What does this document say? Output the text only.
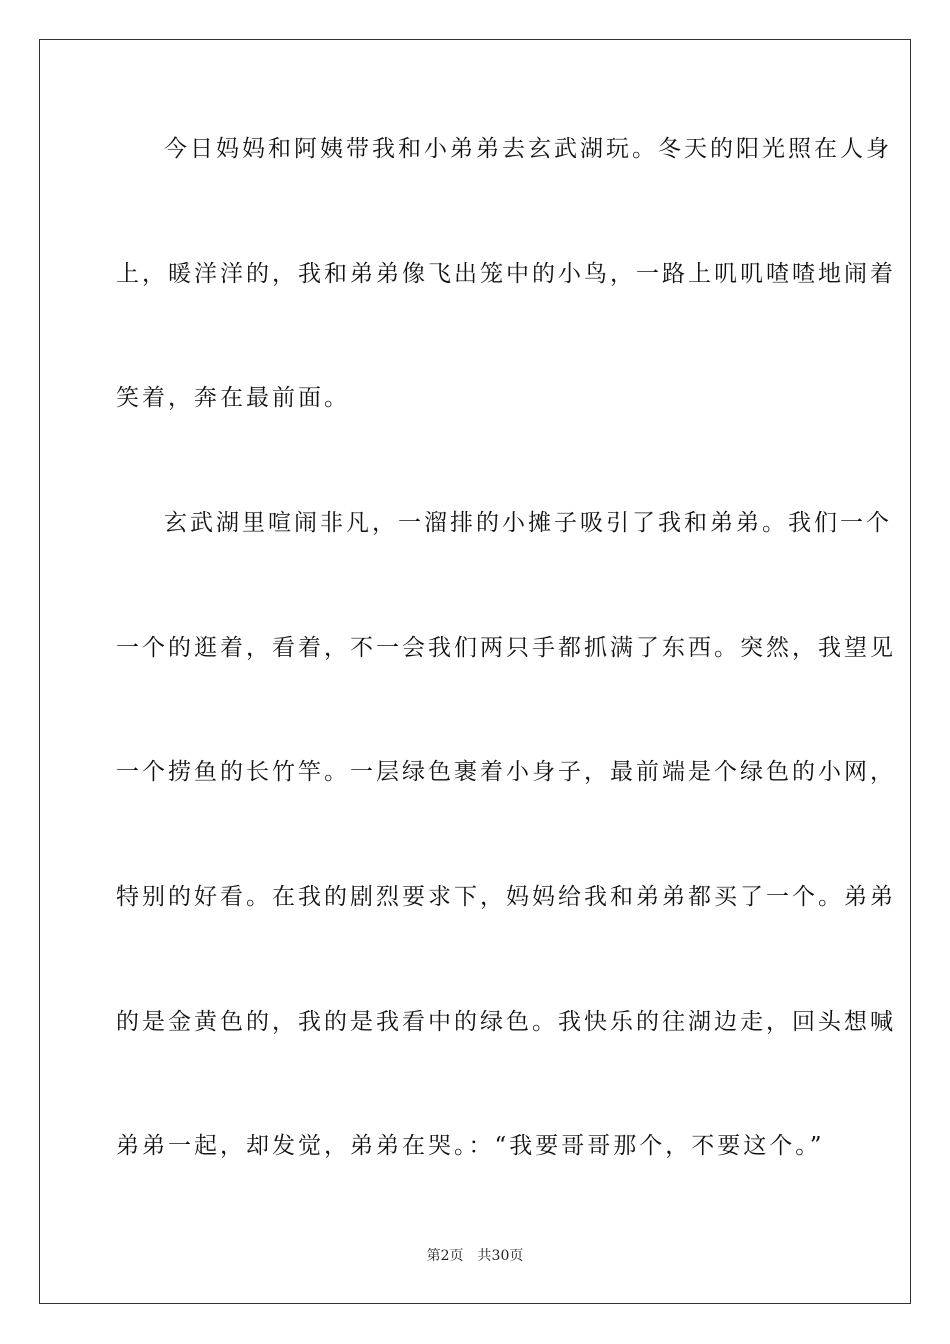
今日妈妈和阿姨带我和小弟弟去玄武湖玩。冬天的阳光照在人身
上，暖洋洋的，我和弟弟像飞出笼中的小鸟，一路上叽叽喳喳地闹着
笑着，奔在最前面。
玄武湖里喧闹非凡，一溜排的小摊子吸引了我和弟弟。我们一个
一个的逛着，看着，不一会我们两只手都抓满了东西。突然，我望见
一个捞鱼的长竹竿。一层绿色裹着小身子，最前端是个绿色的小网，
特别的好看。在我的剧烈要求下，妈妈给我和弟弟都买了一个。弟弟
的是金黄色的，我的是我看中的绿色。我快乐的往湖边走，回头想喊
弟弟一起，却发觉，弟弟在哭。：“我要哥哥那个，不要这个。”
第2页　共30页
